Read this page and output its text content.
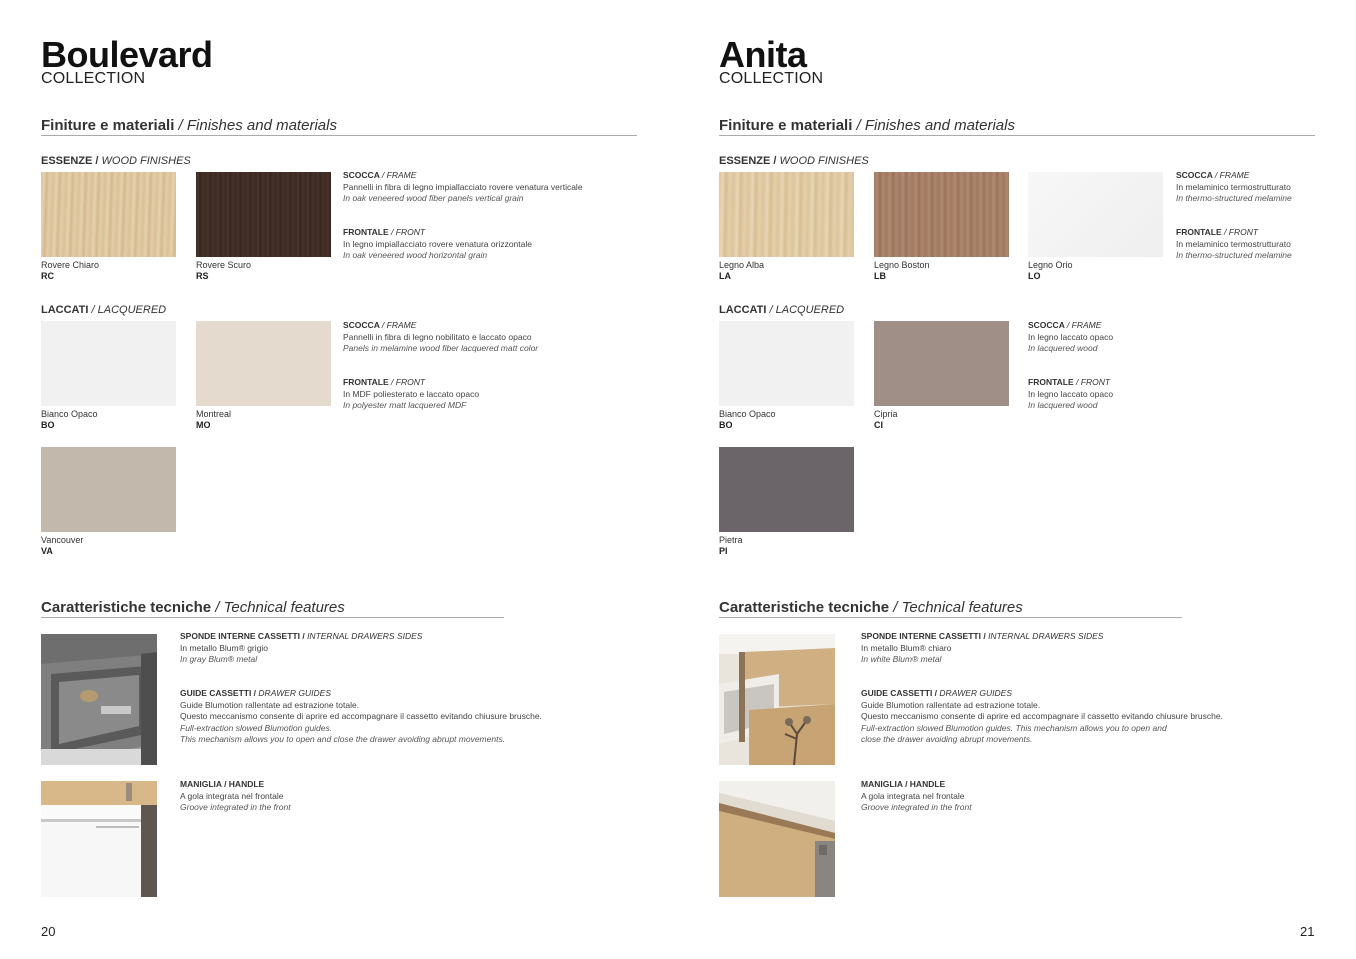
Boulevard
COLLECTION
Finiture e materiali / Finishes and materials
ESSENZE / WOOD FINISHES
Rovere Chiaro
RC
Rovere Scuro
RS
SCOCCA / FRAME
Pannelli in fibra di legno impiallacciato rovere venatura verticale
In oak veneered wood fiber panels vertical grain
FRONTALE / FRONT
In legno impiallacciato rovere venatura orizzontale
In oak veneered wood horizontal grain
LACCATI / LACQUERED
Bianco Opaco
BO
Montreal
MO
Vancouver
VA
SCOCCA / FRAME
Pannelli in fibra di legno nobilitato e laccato opaco
Panels in melamine wood fiber lacquered matt color
FRONTALE / FRONT
In MDF poliesterato e laccato opaco
In polyester matt lacquered MDF
Caratteristiche tecniche / Technical features
SPONDE INTERNE CASSETTI / INTERNAL DRAWERS SIDES
In metallo Blum® grigio
In gray Blum® metal
GUIDE CASSETTI / DRAWER GUIDES
Guide Blumotion rallentate ad estrazione totale.
Questo meccanismo consente di aprire ed accompagnare il cassetto evitando chiusure brusche.
Full-extraction slowed Blumotion guides.
This mechanism allows you to open and close the drawer avoiding abrupt movements.
MANIGLIA / HANDLE
A gola integrata nel frontale
Groove integrated in the front
20
Anita
COLLECTION
Finiture e materiali / Finishes and materials
ESSENZE / WOOD FINISHES
Legno Alba
LA
Legno Boston
LB
Legno Orio
LO
SCOCCA / FRAME
In melaminico termostrutturato
In thermo-structured melamine
FRONTALE / FRONT
In melaminico termostrutturato
In thermo-structured melamine
LACCATI / LACQUERED
Bianco Opaco
BO
Cipria
CI
Pietra
PI
SCOCCA / FRAME
In legno laccato opaco
In lacquered wood
FRONTALE / FRONT
In legno laccato opaco
In lacquered wood
Caratteristiche tecniche / Technical features
SPONDE INTERNE CASSETTI / INTERNAL DRAWERS SIDES
In metallo Blum® chiaro
In white Blum® metal
GUIDE CASSETTI / DRAWER GUIDES
Guide Blumotion rallentate ad estrazione totale.
Questo meccanismo consente di aprire ed accompagnare il cassetto evitando chiusure brusche.
Full-extraction slowed Blumotion guides. This mechanism allows you to open and
close the drawer avoiding abrupt movements.
MANIGLIA / HANDLE
A gola integrata nel frontale
Groove integrated in the front
21
